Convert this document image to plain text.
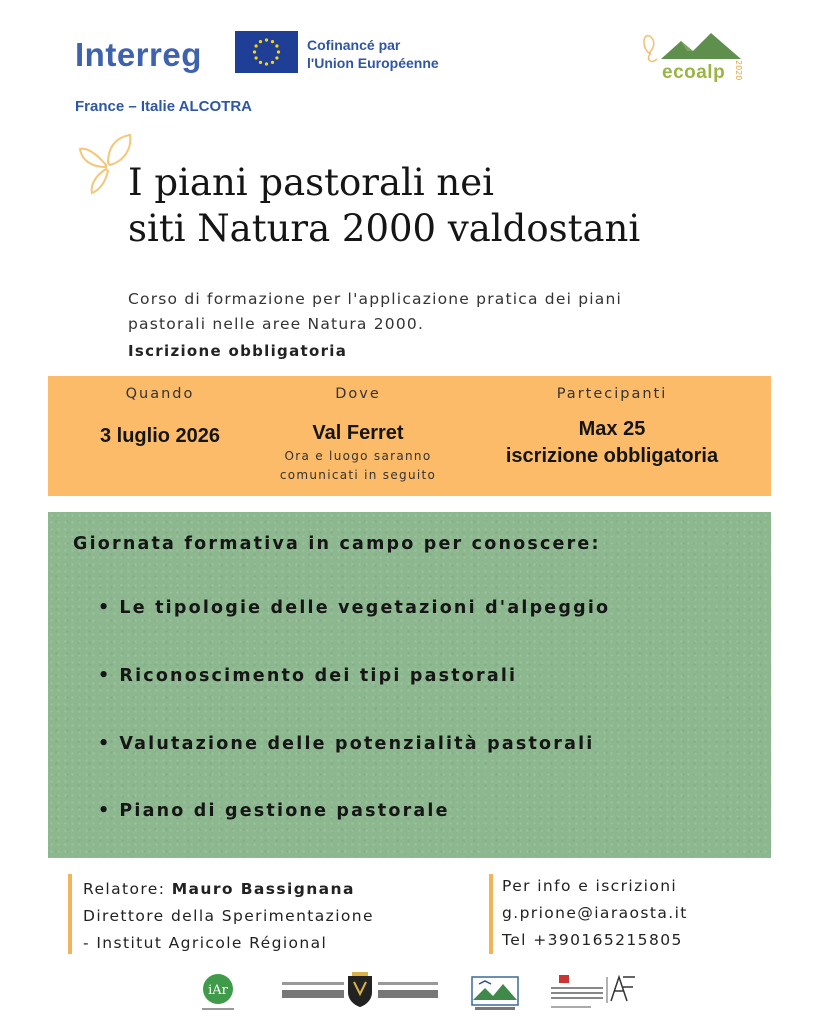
Interreg	Cofinancé par
l'Union Européenne
France – Italie ALCOTRA
ecoalp 2020
I piani pastorali nei
siti Natura 2000 valdostani
Corso di formazione per l'applicazione pratica dei piani
pastorali nelle aree Natura 2000.
Iscrizione obbligatoria
Quando
3 luglio 2026
Dove
Val Ferret
Ora e luogo saranno
comunicati in seguito
Partecipanti
Max 25
iscrizione obbligatoria
Giornata formativa in campo per conoscere:
• Le tipologie delle vegetazioni d'alpeggio
• Riconoscimento dei tipi pastorali
• Valutazione delle potenzialità pastorali
• Piano di gestione pastorale
Relatore: Mauro Bassignana
Direttore della Sperimentazione
- Institut Agricole Régional
Per info e iscrizioni
g.prione@iaraosta.it
Tel +390165215805
iAr
